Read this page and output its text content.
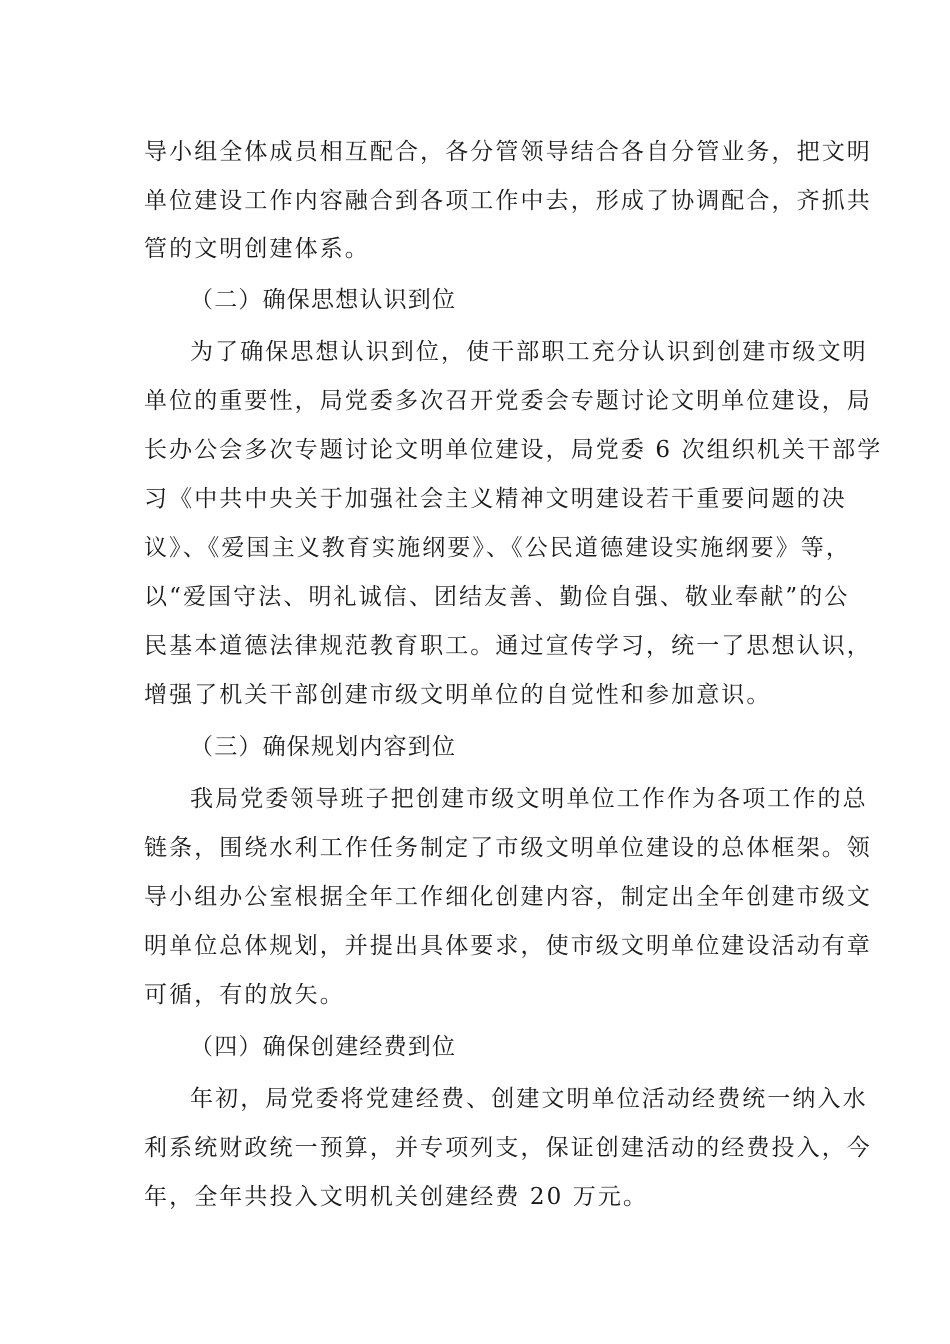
导小组全体成员相互配合，各分管领导结合各自分管业务，把文明
单位建设工作内容融合到各项工作中去，形成了协调配合，齐抓共
管的文明创建体系。
（二）确保思想认识到位
为了确保思想认识到位，使干部职工充分认识到创建市级文明
单位的重要性，局党委多次召开党委会专题讨论文明单位建设，局
长办公会多次专题讨论文明单位建设，局党委 6 次组织机关干部学
习《中共中央关于加强社会主义精神文明建设若干重要问题的决
议》、《爱国主义教育实施纲要》、《公民道德建设实施纲要》等，
以“爱国守法、明礼诚信、团结友善、勤俭自强、敬业奉献”的公
民基本道德法律规范教育职工。通过宣传学习，统一了思想认识，
增强了机关干部创建市级文明单位的自觉性和参加意识。
（三）确保规划内容到位
我局党委领导班子把创建市级文明单位工作作为各项工作的总
链条，围绕水利工作任务制定了市级文明单位建设的总体框架。领
导小组办公室根据全年工作细化创建内容，制定出全年创建市级文
明单位总体规划，并提出具体要求，使市级文明单位建设活动有章
可循，有的放矢。
（四）确保创建经费到位
年初，局党委将党建经费、创建文明单位活动经费统一纳入水
利系统财政统一预算，并专项列支，保证创建活动的经费投入，今
年，全年共投入文明机关创建经费 20 万元。
